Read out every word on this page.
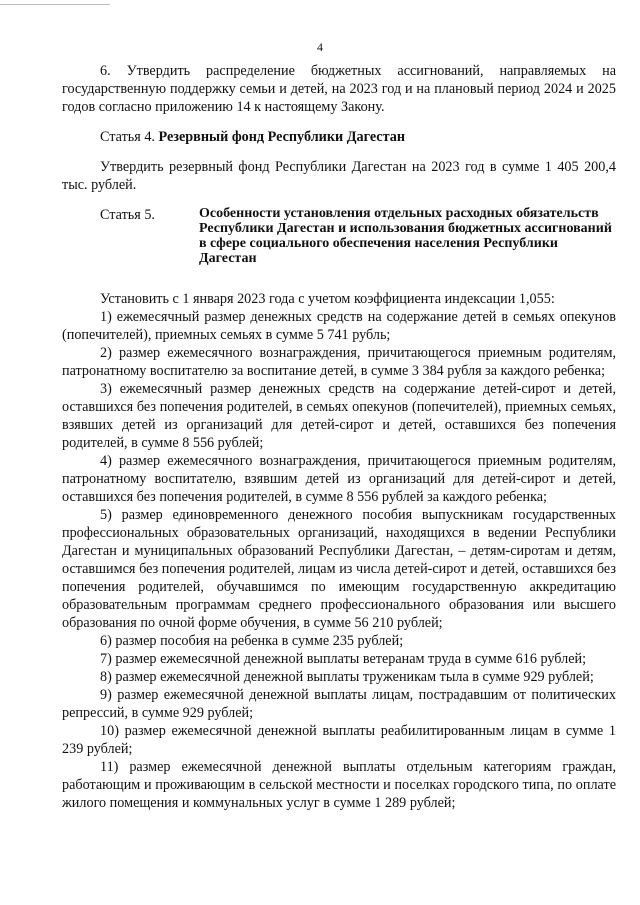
4

6. Утвердить распределение бюджетных ассигнований, направляемых на государственную поддержку семьи и детей, на 2023 год и на плановый период 2024 и 2025 годов согласно приложению 14 к настоящему Закону.

Статья 4. Резервный фонд Республики Дагестан

Утвердить резервный фонд Республики Дагестан на 2023 год в сумме 1 405 200,4 тыс. рублей.

Статья 5.	Особенности установления отдельных расходных обязательств Республики Дагестан и использования бюджетных ассигнований в сфере социального обеспечения населения Республики Дагестан

Установить с 1 января 2023 года с учетом коэффициента индексации 1,055:

1) ежемесячный размер денежных средств на содержание детей в семьях опекунов (попечителей), приемных семьях в сумме 5 741 рубль;

2) размер ежемесячного вознаграждения, причитающегося приемным родителям, патронатному воспитателю за воспитание детей, в сумме 3 384 рубля за каждого ребенка;

3) ежемесячный размер денежных средств на содержание детей-сирот и детей, оставшихся без попечения родителей, в семьях опекунов (попечителей), приемных семьях, взявших детей из организаций для детей-сирот и детей, оставшихся без попечения родителей, в сумме 8 556 рублей;

4) размер ежемесячного вознаграждения, причитающегося приемным родителям, патронатному воспитателю, взявшим детей из организаций для детей-сирот и детей, оставшихся без попечения родителей, в сумме 8 556 рублей за каждого ребенка;

5) размер единовременного денежного пособия выпускникам государственных профессиональных образовательных организаций, находящихся в ведении Республики Дагестан и муниципальных образований Республики Дагестан, – детям-сиротам и детям, оставшимся без попечения родителей, лицам из числа детей-сирот и детей, оставшихся без попечения родителей, обучавшимся по имеющим государственную аккредитацию образовательным программам среднего профессионального образования или высшего образования по очной форме обучения, в сумме 56 210 рублей;

6) размер пособия на ребенка в сумме 235 рублей;

7) размер ежемесячной денежной выплаты ветеранам труда в сумме 616 рублей;

8) размер ежемесячной денежной выплаты труженикам тыла в сумме 929 рублей;

9) размер ежемесячной денежной выплаты лицам, пострадавшим от политических репрессий, в сумме 929 рублей;

10) размер ежемесячной денежной выплаты реабилитированным лицам в сумме 1 239 рублей;

11) размер ежемесячной денежной выплаты отдельным категориям граждан, работающим и проживающим в сельской местности и поселках городского типа, по оплате жилого помещения и коммунальных услуг в сумме 1 289 рублей;
